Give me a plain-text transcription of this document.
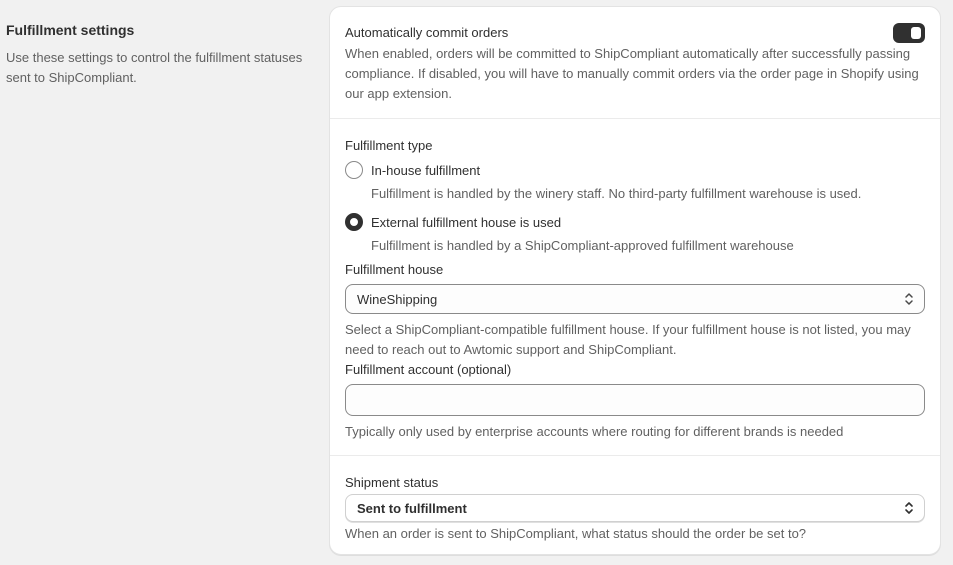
Fulfillment settings

Use these settings to control the fulfillment statuses sent to ShipCompliant.

Automatically commit orders
When enabled, orders will be committed to ShipCompliant automatically after successfully passing compliance. If disabled, you will have to manually commit orders via the order page in Shopify using our app extension.
Fulfillment type
In-house fulfillment
Fulfillment is handled by the winery staff. No third-party fulfillment warehouse is used.
External fulfillment house is used
Fulfillment is handled by a ShipCompliant-approved fulfillment warehouse
Fulfillment house
WineShipping
Select a ShipCompliant-compatible fulfillment house. If your fulfillment house is not listed, you may need to reach out to Awtomic support and ShipCompliant.
Fulfillment account (optional)
Typically only used by enterprise accounts where routing for different brands is needed
Shipment status
Sent to fulfillment
When an order is sent to ShipCompliant, what status should the order be set to?
